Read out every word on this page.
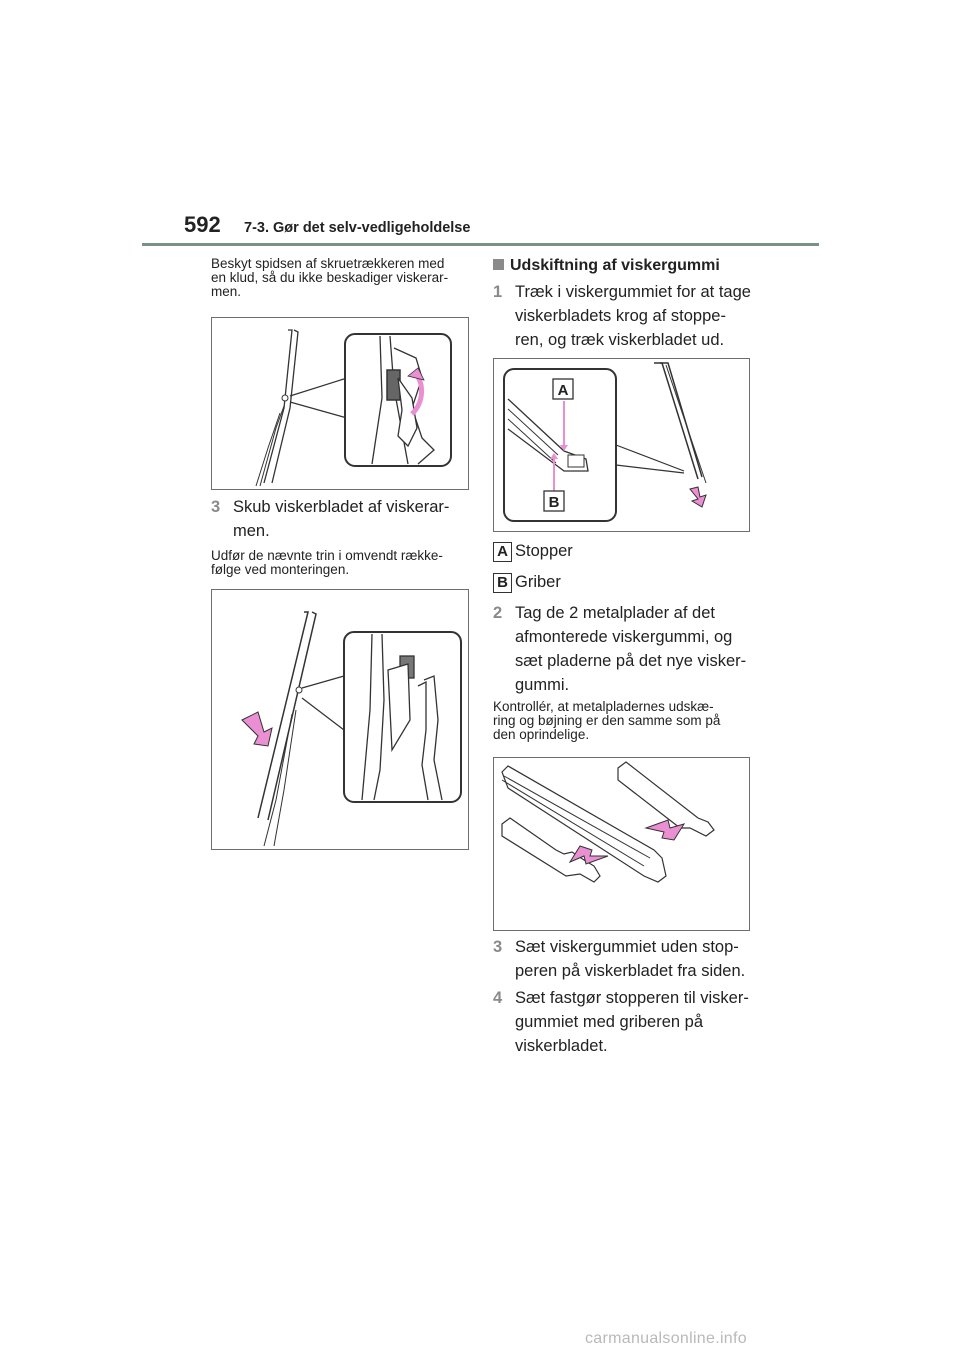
592 7-3. Gør det selv-vedligeholdelse
Beskyt spidsen af skruetrækkeren med
en klud, så du ikke beskadiger viskerar-
men.
3 Skub viskerbladet af viskerar-
men.
Udfør de nævnte trin i omvendt række-
følge ved monteringen.
Udskiftning af viskergummi
1 Træk i viskergummiet for at tage
viskerbladets krog af stoppe-
ren, og træk viskerbladet ud.
A
B
A Stopper
B Griber
2 Tag de 2 metalplader af det
afmonterede viskergummi, og
sæt pladerne på det nye visker-
gummi.
Kontrollér, at metalpladernes udskæ-
ring og bøjning er den samme som på
den oprindelige.
3 Sæt viskergummiet uden stop-
peren på viskerbladet fra siden.
4 Sæt fastgør stopperen til visker-
gummiet med griberen på
viskerbladet.
carmanualsonline.info
